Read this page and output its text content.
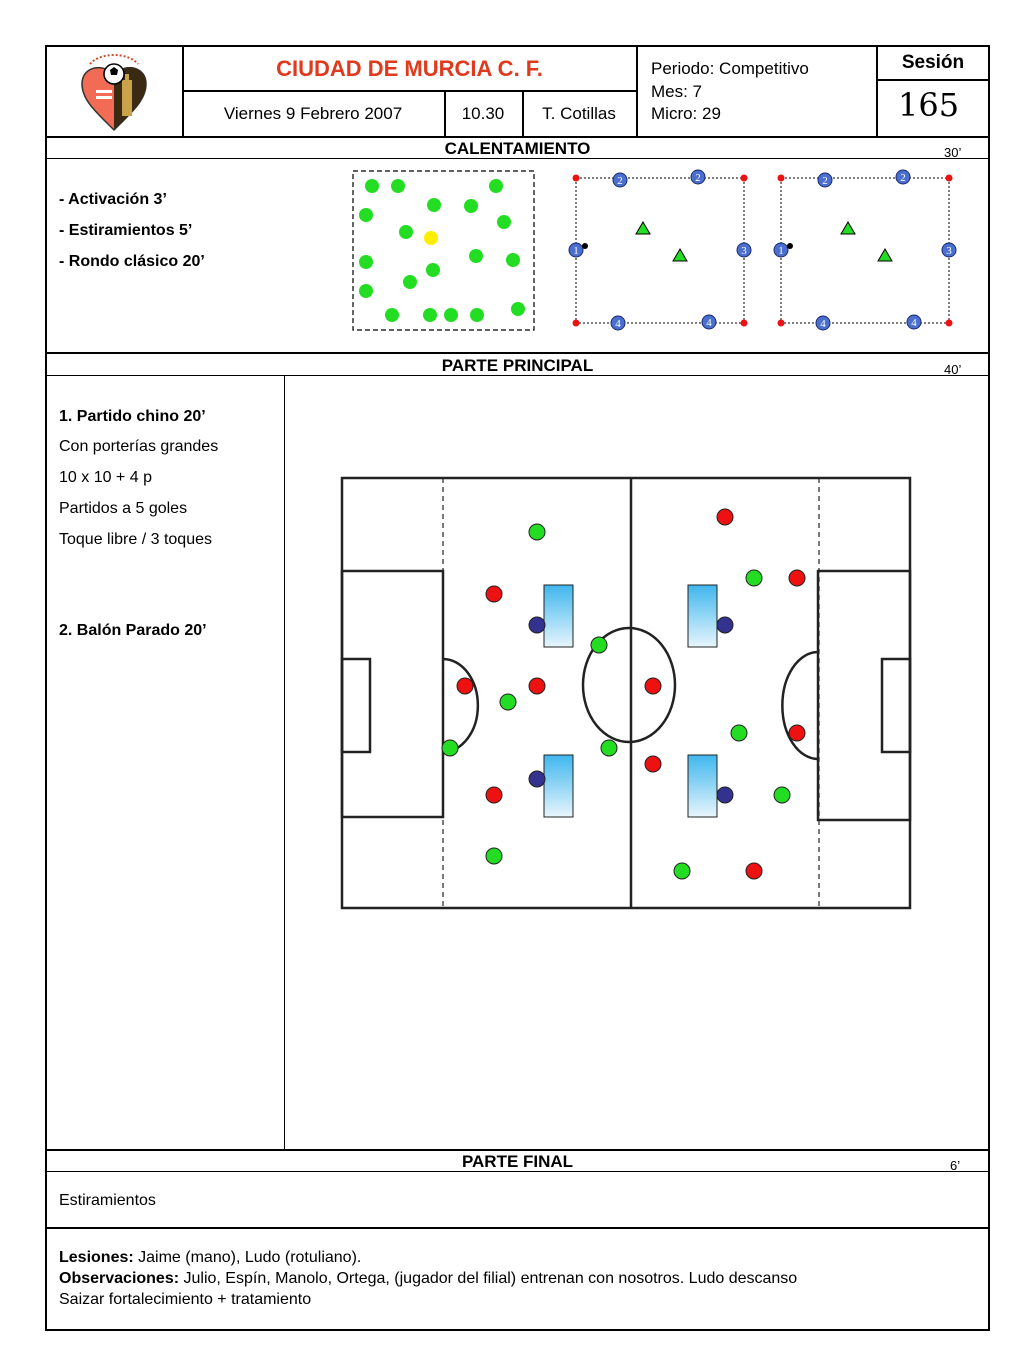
CIUDAD DE MURCIA C. F.
Viernes 9 Febrero 2007	10.30	T. Cotillas
Periodo: Competitivo
Mes: 7
Micro: 29
Sesión
165
CALENTAMIENTO	30’
- Activación 3’
- Estiramientos 5’
- Rondo clásico 20’
2	2
1	3
4	4
2	2
1	3
4	4
PARTE PRINCIPAL	40’
1. Partido chino 20’
Con porterías grandes
10 x 10 + 4 p
Partidos a 5 goles
Toque libre / 3 toques
2. Balón Parado 20’
PARTE FINAL	6’
Estiramientos
Lesiones: Jaime (mano), Ludo (rotuliano).
Observaciones: Julio, Espín, Manolo, Ortega, (jugador del filial) entrenan con nosotros. Ludo descanso
Saizar fortalecimiento + tratamiento
